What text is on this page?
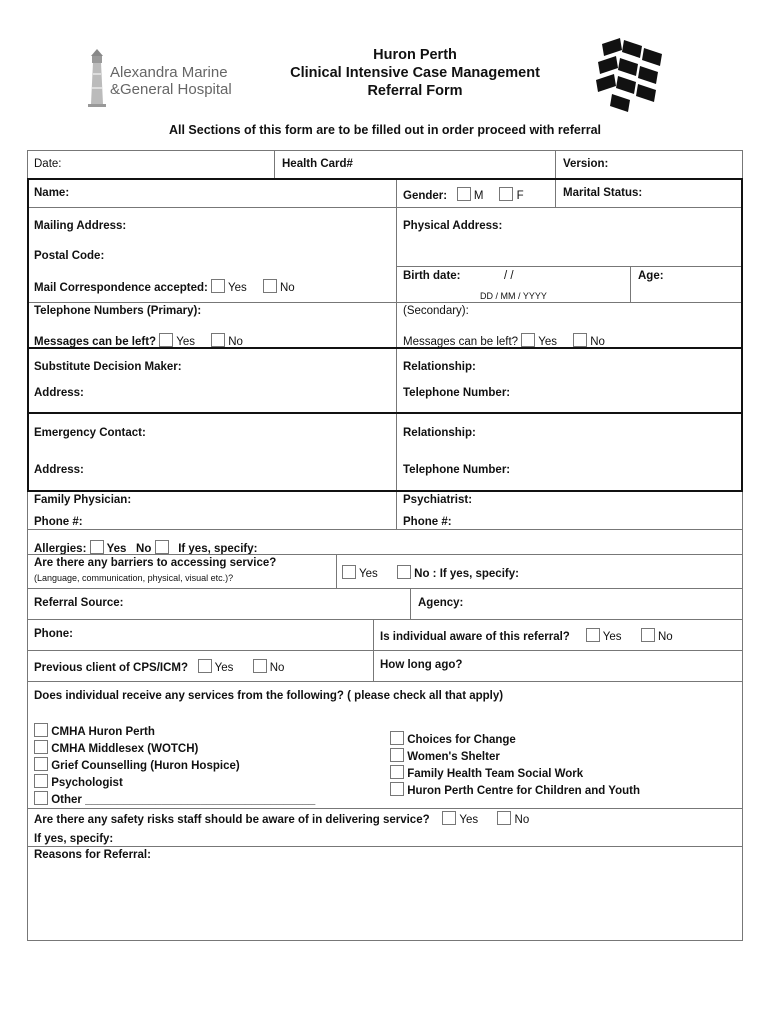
Alexandra Marine
&General Hospital
Huron Perth
Clinical Intensive Case Management
Referral Form
All Sections of this form are to be filled out in order proceed with referral
Date:	Health Card#	Version:
Name:	Gender: M	F	Marital Status:
Mailing Address:	Physical Address:
Postal Code:
Mail Correspondence accepted: Yes	No
Birth date:	/ /
DD / MM / YYYY
Age:
Telephone Numbers (Primary):	(Secondary):
Messages can be left? Yes	No	Messages can be left? Yes	No
Substitute Decision Maker:	Relationship:
Address:	Telephone Number:
Emergency Contact:	Relationship:
Address:	Telephone Number:
Family Physician:	Psychiatrist:
Phone #:	Phone #:
Allergies: Yes No If yes, specify:
Are there any barriers to accessing service?
(Language, communication, physical, visual etc.)?	Yes	No : If yes, specify:
Referral Source:	Agency:
Phone:	Is individual aware of this referral?	Yes	No
Previous client of CPS/ICM? Yes	No	How long ago?
Does individual receive any services from the following? ( please check all that apply)
CMHA Huron Perth
CMHA Middlesex (WOTCH)
Grief Counselling (Huron Hospice)
Psychologist
Other ____________________________________
Choices for Change
Women's Shelter
Family Health Team Social Work
Huron Perth Centre for Children and Youth
Are there any safety risks staff should be aware of in delivering service?	Yes	No
If yes, specify:
Reasons for Referral:
